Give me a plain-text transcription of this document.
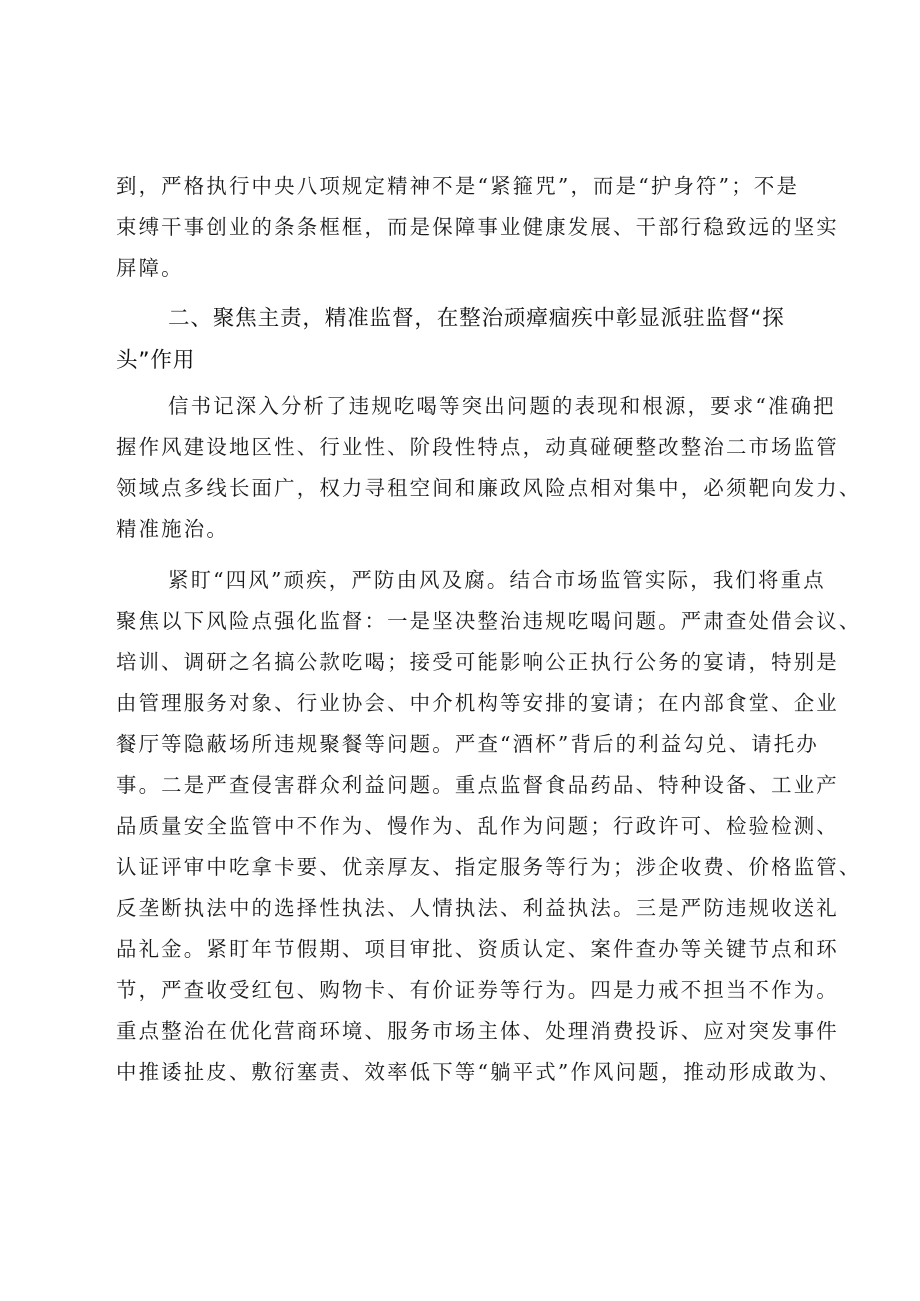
到，严格执行中央八项规定精神不是“紧箍咒”，而是“护身符”；不是
束缚干事创业的条条框框，而是保障事业健康发展、干部行稳致远的坚实
屏障。
二、聚焦主责，精准监督，在整治顽瘴痼疾中彰显派驻监督“探
头”作用
信书记深入分析了违规吃喝等突出问题的表现和根源，要求“准确把
握作风建设地区性、行业性、阶段性特点，动真碰硬整改整治二市场监管
领域点多线长面广，权力寻租空间和廉政风险点相对集中，必须靶向发力、
精准施治。
紧盯“四风”顽疾，严防由风及腐。结合市场监管实际，我们将重点
聚焦以下风险点强化监督：一是坚决整治违规吃喝问题。严肃查处借会议、
培训、调研之名搞公款吃喝；接受可能影响公正执行公务的宴请，特别是
由管理服务对象、行业协会、中介机构等安排的宴请；在内部食堂、企业
餐厅等隐蔽场所违规聚餐等问题。严查“酒杯”背后的利益勾兑、请托办
事。二是严查侵害群众利益问题。重点监督食品药品、特种设备、工业产
品质量安全监管中不作为、慢作为、乱作为问题；行政许可、检验检测、
认证评审中吃拿卡要、优亲厚友、指定服务等行为；涉企收费、价格监管、
反垄断执法中的选择性执法、人情执法、利益执法。三是严防违规收送礼
品礼金。紧盯年节假期、项目审批、资质认定、案件查办等关键节点和环
节，严查收受红包、购物卡、有价证券等行为。四是力戒不担当不作为。
重点整治在优化营商环境、服务市场主体、处理消费投诉、应对突发事件
中推诿扯皮、敷衍塞责、效率低下等“躺平式”作风问题，推动形成敢为、
